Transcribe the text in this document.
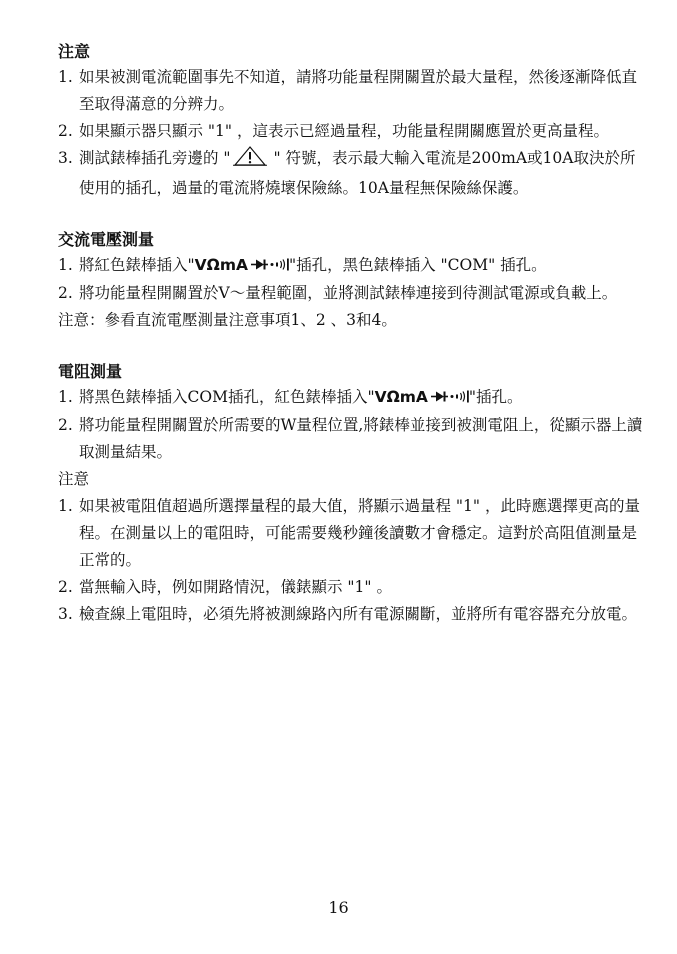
注意
1. 如果被測電流範圍事先不知道，請將功能量程開關置於最大量程，然後逐漸降低直至取得滿意的分辨力。
2. 如果顯示器只顯示 "1" ，這表示已經過量程，功能量程開關應置於更高量程。
3. 測試錶棒插孔旁邊的 " " 符號，表示最大輸入電流是200mA或10A取決於所使用的插孔，過量的電流將燒壞保險絲。10A量程無保險絲保護。
交流電壓測量
1. 將紅色錶棒插入"VΩmA	"插孔，黑色錶棒插入 "COM" 插孔。
2. 將功能量程開關置於V～量程範圍，並將測試錶棒連接到待測試電源或負載上。
注意：參看直流電壓測量注意事項1、2 、3和4。
電阻測量
1. 將黑色錶棒插入COM插孔，紅色錶棒插入"VΩmA	"插孔。
2. 將功能量程開關置於所需要的W量程位置,將錶棒並接到被測電阻上，從顯示器上讀取測量結果。
注意
1. 如果被電阻值超過所選擇量程的最大值，將顯示過量程 "1" ，此時應選擇更高的量程。在測量以上的電阻時，可能需要幾秒鐘後讀數才會穩定。這對於高阻值測量是正常的。
2. 當無輸入時，例如開路情況，儀錶顯示 "1" 。
3. 檢查線上電阻時，必須先將被測線路內所有電源關斷，並將所有電容器充分放電。
16
